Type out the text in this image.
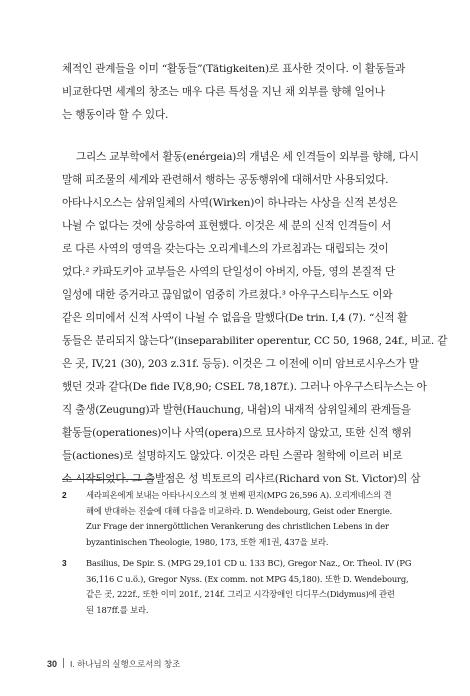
체적인 관계들을 이미 “활동들”(Tätigkeiten)로 표사한 것이다. 이 활동들과
비교한다면 세계의 창조는 매우 다른 특성을 지닌 채 외부를 향해 일어나
는 행동이라 할 수 있다.

그리스 교부학에서 활동(enérgeia)의 개념은 세 인격들이 외부를 향해, 다시
말해 피조물의 세계와 관련해서 행하는 공동행위에 대해서만 사용되었다.
아타나시오스는 삼위일체의 사역(Wirken)이 하나라는 사상을 신적 본성은
나뉠 수 없다는 것에 상응하여 표현했다. 이것은 세 분의 신적 인격들이 서
로 다른 사역의 영역을 갖는다는 오리게네스의 가르침과는 대립되는 것이
었다.² 카파도키아 교부들은 사역의 단일성이 아버지, 아들, 영의 본질적 단
일성에 대한 증거라고 끊임없이 엄중히 가르쳤다.³ 아우구스티누스도 이와
같은 의미에서 신적 사역이 나뉠 수 없음을 말했다(De trin. I,4 (7). “신적 활
동들은 분리되지 않는다”(inseparabiliter operentur, CC 50, 1968, 24f., 비교. 같
은 곳, IV,21 (30), 203 z.31f. 등등). 이것은 그 이전에 이미 암브로시우스가 말
했던 것과 같다(De fide IV,8,90; CSEL 78,187f.). 그러나 아우구스티누스는 아
직 출생(Zeugung)과 발현(Hauchung, 내쉼)의 내재적 삼위일체의 관계들을
활동들(operationes)이나 사역(opera)으로 묘사하지 않았고, 또한 신적 행위
들(actiones)로 설명하지도 않았다. 이것은 라틴 스콜라 철학에 이르러 비로
소 시작되었다. 그 출발점은 성 빅토르의 리샤르(Richard von St. Victor)의 삼

2 세라피온에게 보내는 아타나시오스의 첫 번째 편지(MPG 26,596 A). 오리게네스의 견
해에 반대하는 진술에 대해 다음을 비교하라. D. Wendebourg, Geist oder Energie.
Zur Frage der innergöttlichen Verankerung des christlichen Lebens in der
byzantinischen Theologie, 1980, 173, 또한 제1권, 437을 보라.
3 Basilius, De Spir. S. (MPG 29,101 CD u. 133 BC), Gregor Naz., Or. Theol. IV (PG
36,116 C u.ö.), Gregor Nyss. (Ex comm. not MPG 45,180). 또한 D. Wendebourg,
같은 곳, 222f., 또한 이미 201f., 214f. 그리고 시각장애인 디디무스(Didymus)에 관련
된 187ff.를 보라.
30 I. 하나님의 실행으로서의 창조
